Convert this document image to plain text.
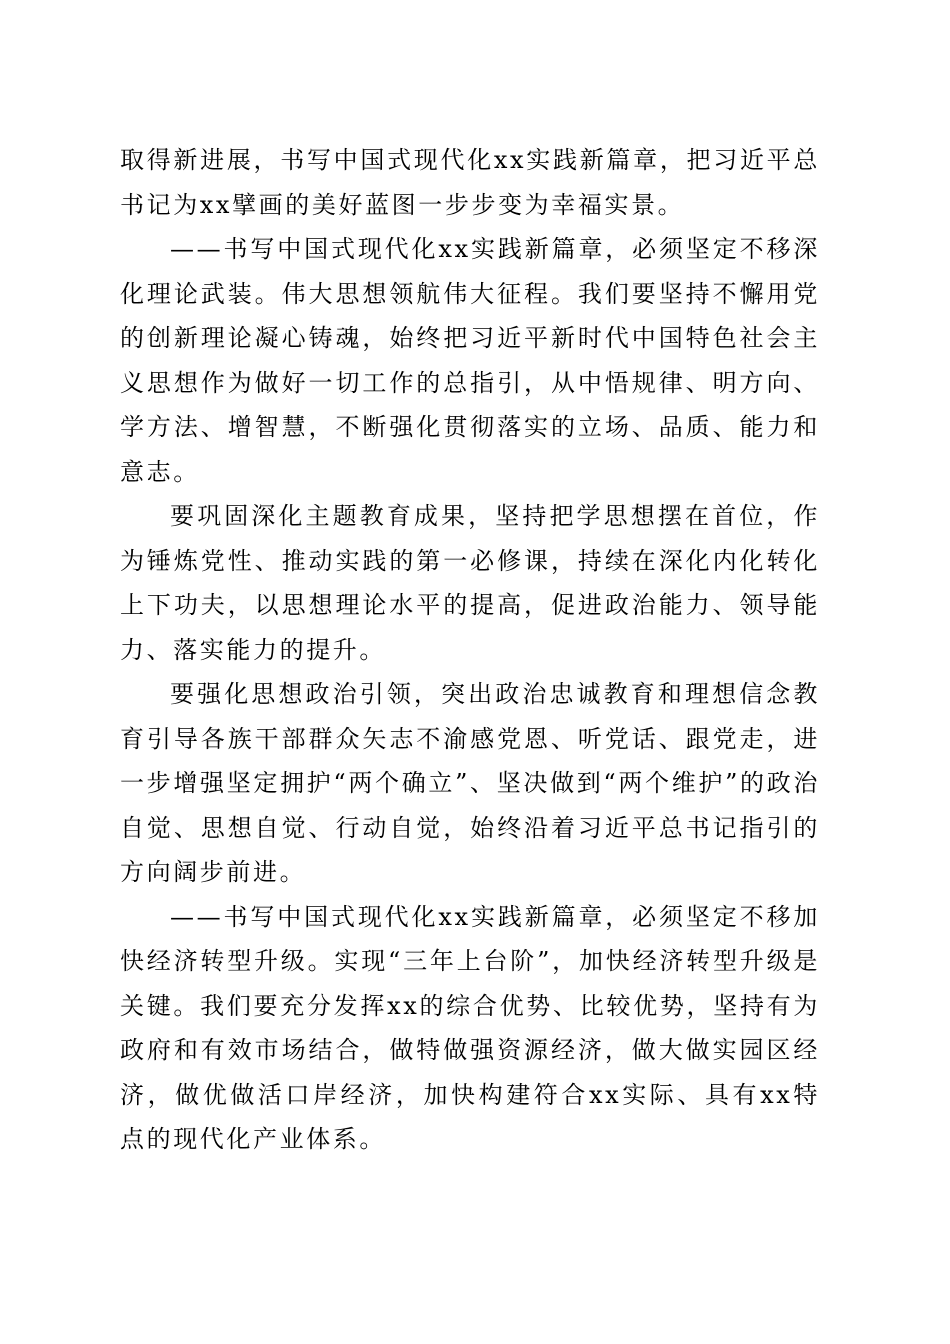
取得新进展，书写中国式现代化xx实践新篇章，把习近平总书记为xx擘画的美好蓝图一步步变为幸福实景。

——书写中国式现代化xx实践新篇章，必须坚定不移深化理论武装。伟大思想领航伟大征程。我们要坚持不懈用党的创新理论凝心铸魂，始终把习近平新时代中国特色社会主义思想作为做好一切工作的总指引，从中悟规律、明方向、学方法、增智慧，不断强化贯彻落实的立场、品质、能力和意志。

要巩固深化主题教育成果，坚持把学思想摆在首位，作为锤炼党性、推动实践的第一必修课，持续在深化内化转化上下功夫，以思想理论水平的提高，促进政治能力、领导能力、落实能力的提升。

要强化思想政治引领，突出政治忠诚教育和理想信念教育引导各族干部群众矢志不渝感党恩、听党话、跟党走，进一步增强坚定拥护“两个确立”、坚决做到“两个维护”的政治自觉、思想自觉、行动自觉，始终沿着习近平总书记指引的方向阔步前进。

——书写中国式现代化xx实践新篇章，必须坚定不移加快经济转型升级。实现“三年上台阶”，加快经济转型升级是关键。我们要充分发挥xx的综合优势、比较优势，坚持有为政府和有效市场结合，做特做强资源经济，做大做实园区经济，做优做活口岸经济，加快构建符合xx实际、具有xx特点的现代化产业体系。
